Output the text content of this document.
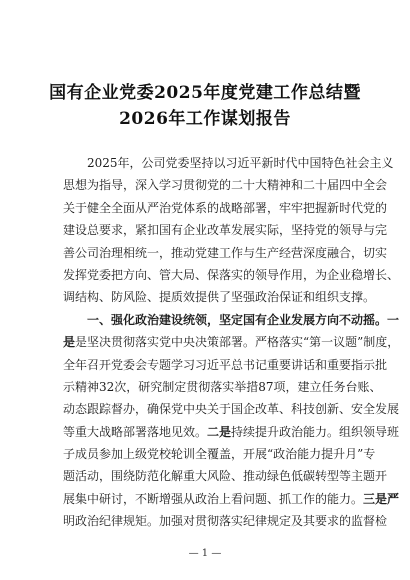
国有企业党委2025年度党建工作总结暨
2026年工作谋划报告
2025年，公司党委坚持以习近平新时代中国特色社会主义
思想为指导，深入学习贯彻党的二十大精神和二十届四中全会
关于健全全面从严治党体系的战略部署，牢牢把握新时代党的
建设总要求，紧扣国有企业改革发展实际，坚持党的领导与完
善公司治理相统一，推动党建工作与生产经营深度融合，切实
发挥党委把方向、管大局、保落实的领导作用，为企业稳增长、
调结构、防风险、提质效提供了坚强政治保证和组织支撑。
一、强化政治建设统领，坚定国有企业发展方向不动摇。一
是是坚决贯彻落实党中央决策部署。严格落实“第一议题”制度，
全年召开党委会专题学习习近平总书记重要讲话和重要指示批
示精神32次，研究制定贯彻落实举措87项，建立任务台账、
动态跟踪督办，确保党中央关于国企改革、科技创新、安全发展
等重大战略部署落地见效。二是持续提升政治能力。组织领导班
子成员参加上级党校轮训全覆盖，开展“政治能力提升月”专
题活动，围绕防范化解重大风险、推动绿色低碳转型等主题开
展集中研讨，不断增强从政治上看问题、抓工作的能力。三是严
明政治纪律规矩。加强对贯彻落实纪律规定及其要求的监督检
— 1 —
